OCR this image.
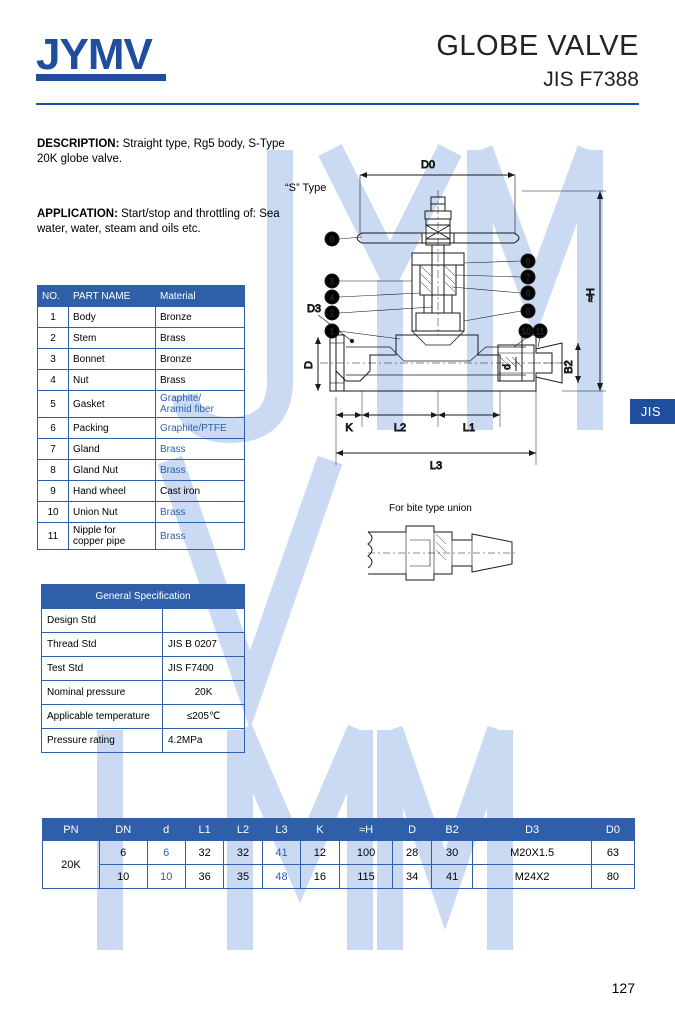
JYMV	GLOBE VALVE
JIS F7388
DESCRIPTION: Straight type, Rg5 body, S-Type 20K globe valve.
APPLICATION: Start/stop and throttling of: Sea water, water, steam and oils etc.
NO.	PART NAME	Material
1	Body	Bronze
2	Stem	Brass
3	Bonnet	Bronze
4	Nut	Brass
5	Gasket	Graphite/
Aramid fiber
6	Packing	Graphite/PTFE
7	Gland	Brass
8	Gland Nut	Brass
9	Hand wheel	Cast iron
10	Union Nut	Brass
11	Nipple for
copper pipe	Brass
General Specification	
Design Std	
Thread Std	JIS B 0207
Test Std	JIS F7400
Nominal pressure	20K
Applicable temperature	≤205℃
Pressure rating	4.2MPa
“S” Type
D0
≈H
B2
D	d
D3
K	L2	L1
L3
9
3
4
2
1
8
7
6
5
10 11
For bite type union
JIS
PN	DN	d	L1	L2	L3	K	≈H	D	B2	D3	D0
20K	6	6	32	32	41	12	100	28	30	M20X1.5	63
	10	10	36	35	48	16	115	34	41	M24X2	80
127
